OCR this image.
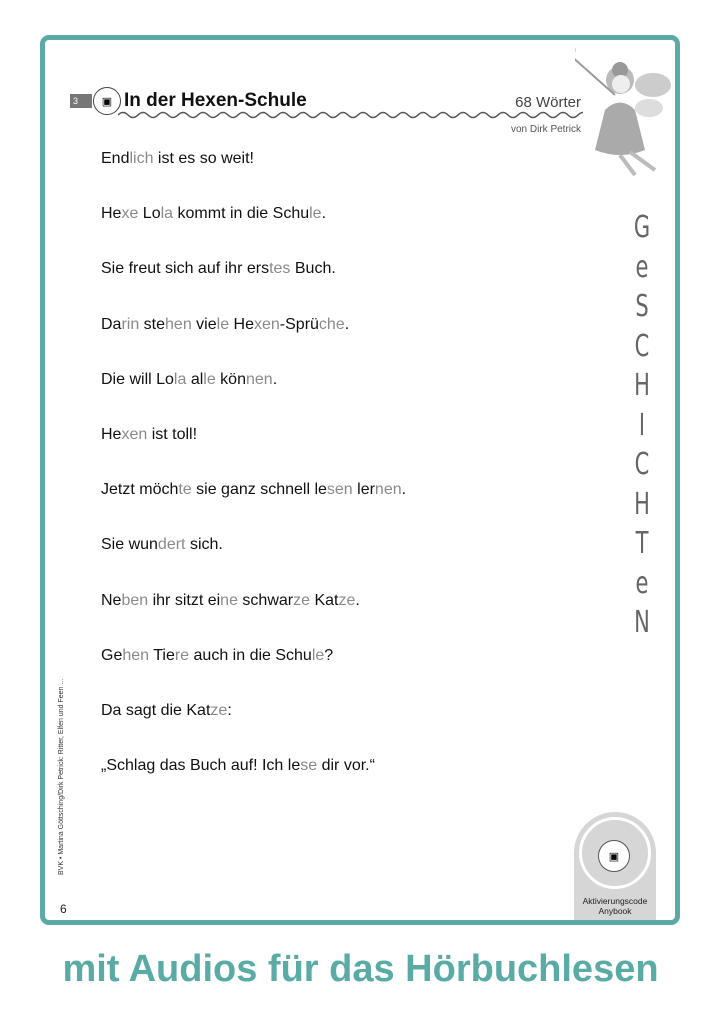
3	▣ In der Hexen-Schule	68 Wörter
von Dirk Petrick
Endlich ist es so weit!
Hexe Lola kommt in die Schule.
Sie freut sich auf ihr erstes Buch.
Darin stehen viele Hexen-Sprüche.
Die will Lola alle können.
Hexen ist toll!
Jetzt möchte sie ganz schnell lesen lernen.
Sie wundert sich.
Neben ihr sitzt eine schwarze Katze.
Gehen Tiere auch in die Schule?
Da sagt die Katze:
„Schlag das Buch auf! Ich lese dir vor.“
G
e
S
C
H
I
C
H
T
e
N
BVK • Martina Göttsching/Dirk Petrick: Ritter, Elfen und Feen ...
6
▣
Aktivierungscode
Anybook
mit Audios für das Hörbuchlesen
